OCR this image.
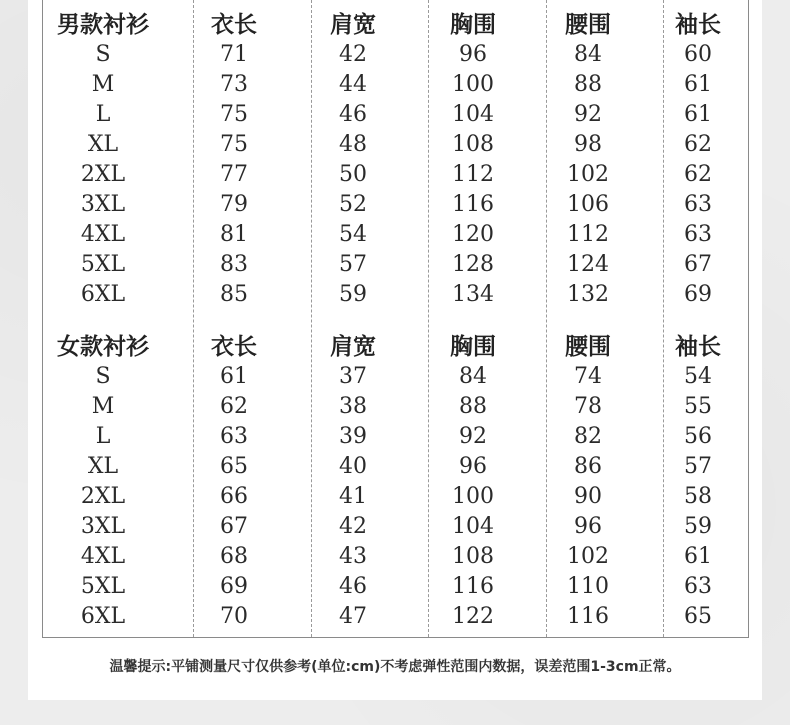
男款衬衫	衣长	肩宽	胸围	腰围	袖长
S	71	42	96	84	60
M	73	44	100	88	61
L	75	46	104	92	61
XL	75	48	108	98	62
2XL	77	50	112	102	62
3XL	79	52	116	106	63
4XL	81	54	120	112	63
5XL	83	57	128	124	67
6XL	85	59	134	132	69
女款衬衫	衣长	肩宽	胸围	腰围	袖长
S	61	37	84	74	54
M	62	38	88	78	55
L	63	39	92	82	56
XL	65	40	96	86	57
2XL	66	41	100	90	58
3XL	67	42	104	96	59
4XL	68	43	108	102	61
5XL	69	46	116	110	63
6XL	70	47	122	116	65
温馨提示:平铺测量尺寸仅供参考(单位:cm)不考虑弹性范围内数据，误差范围1-3cm正常。
